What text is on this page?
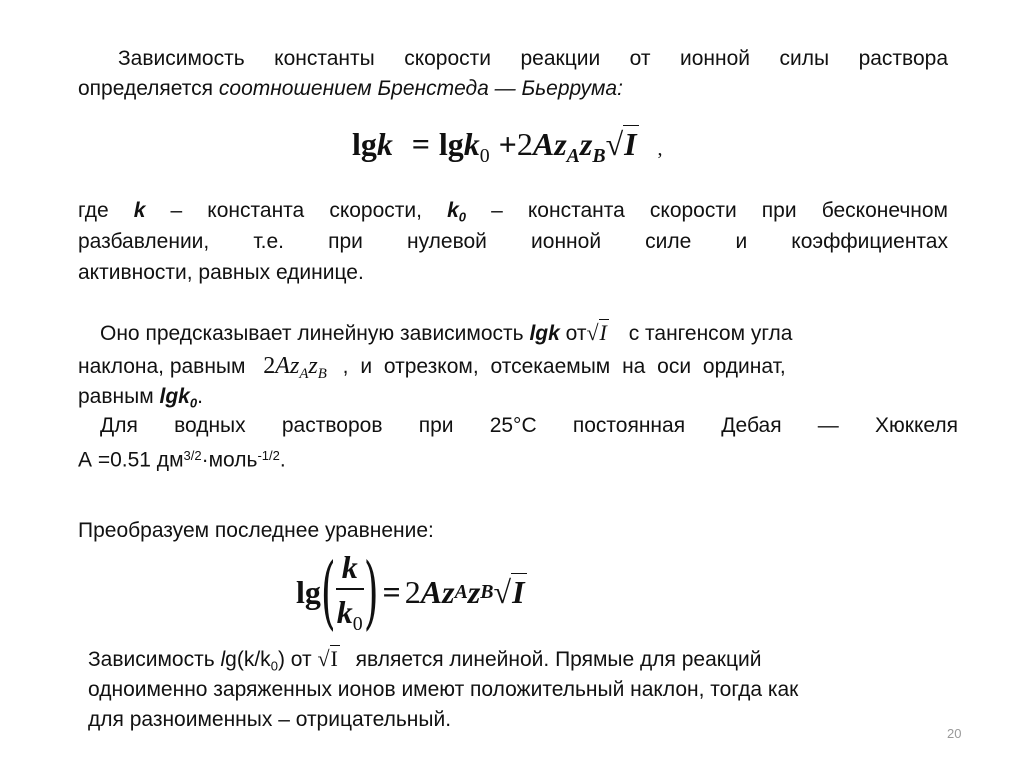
Зависимость константы скорости реакции от ионной силы раствора
определяется соотношением Бренстеда — Бьеррума:
$\lg k = \lg k_0 +2Az_Az_B√I$ ,
где k – константа скорости, $k_0$ – константа скорости при бесконечном
разбавлении, т.е. при нулевой ионной силе и коэффициентах
активности, равных единице.
Оно предсказывает линейную зависимость lgk от√I с тангенсом угла
наклона, равным $2Az_Az_B$ , и отрезком, отсекаемым на оси ординат,
равным lgk$_0$.
Для водных растворов при 25°С постоянная Дебая — Хюккеля
А =0.51 $дм^{3/2}\cdot моль^{-1/2}$.
Преобразуем последнее уравнение:
lg ( $\frac{k}{k_0}$ ) = 2 A z A z B √I
Зависимость $\lg(k/k_0)$ от √I является линейной. Прямые для реакций
одноименно заряженных ионов имеют положительный наклон, тогда как
для разноименных – отрицательный.
20
